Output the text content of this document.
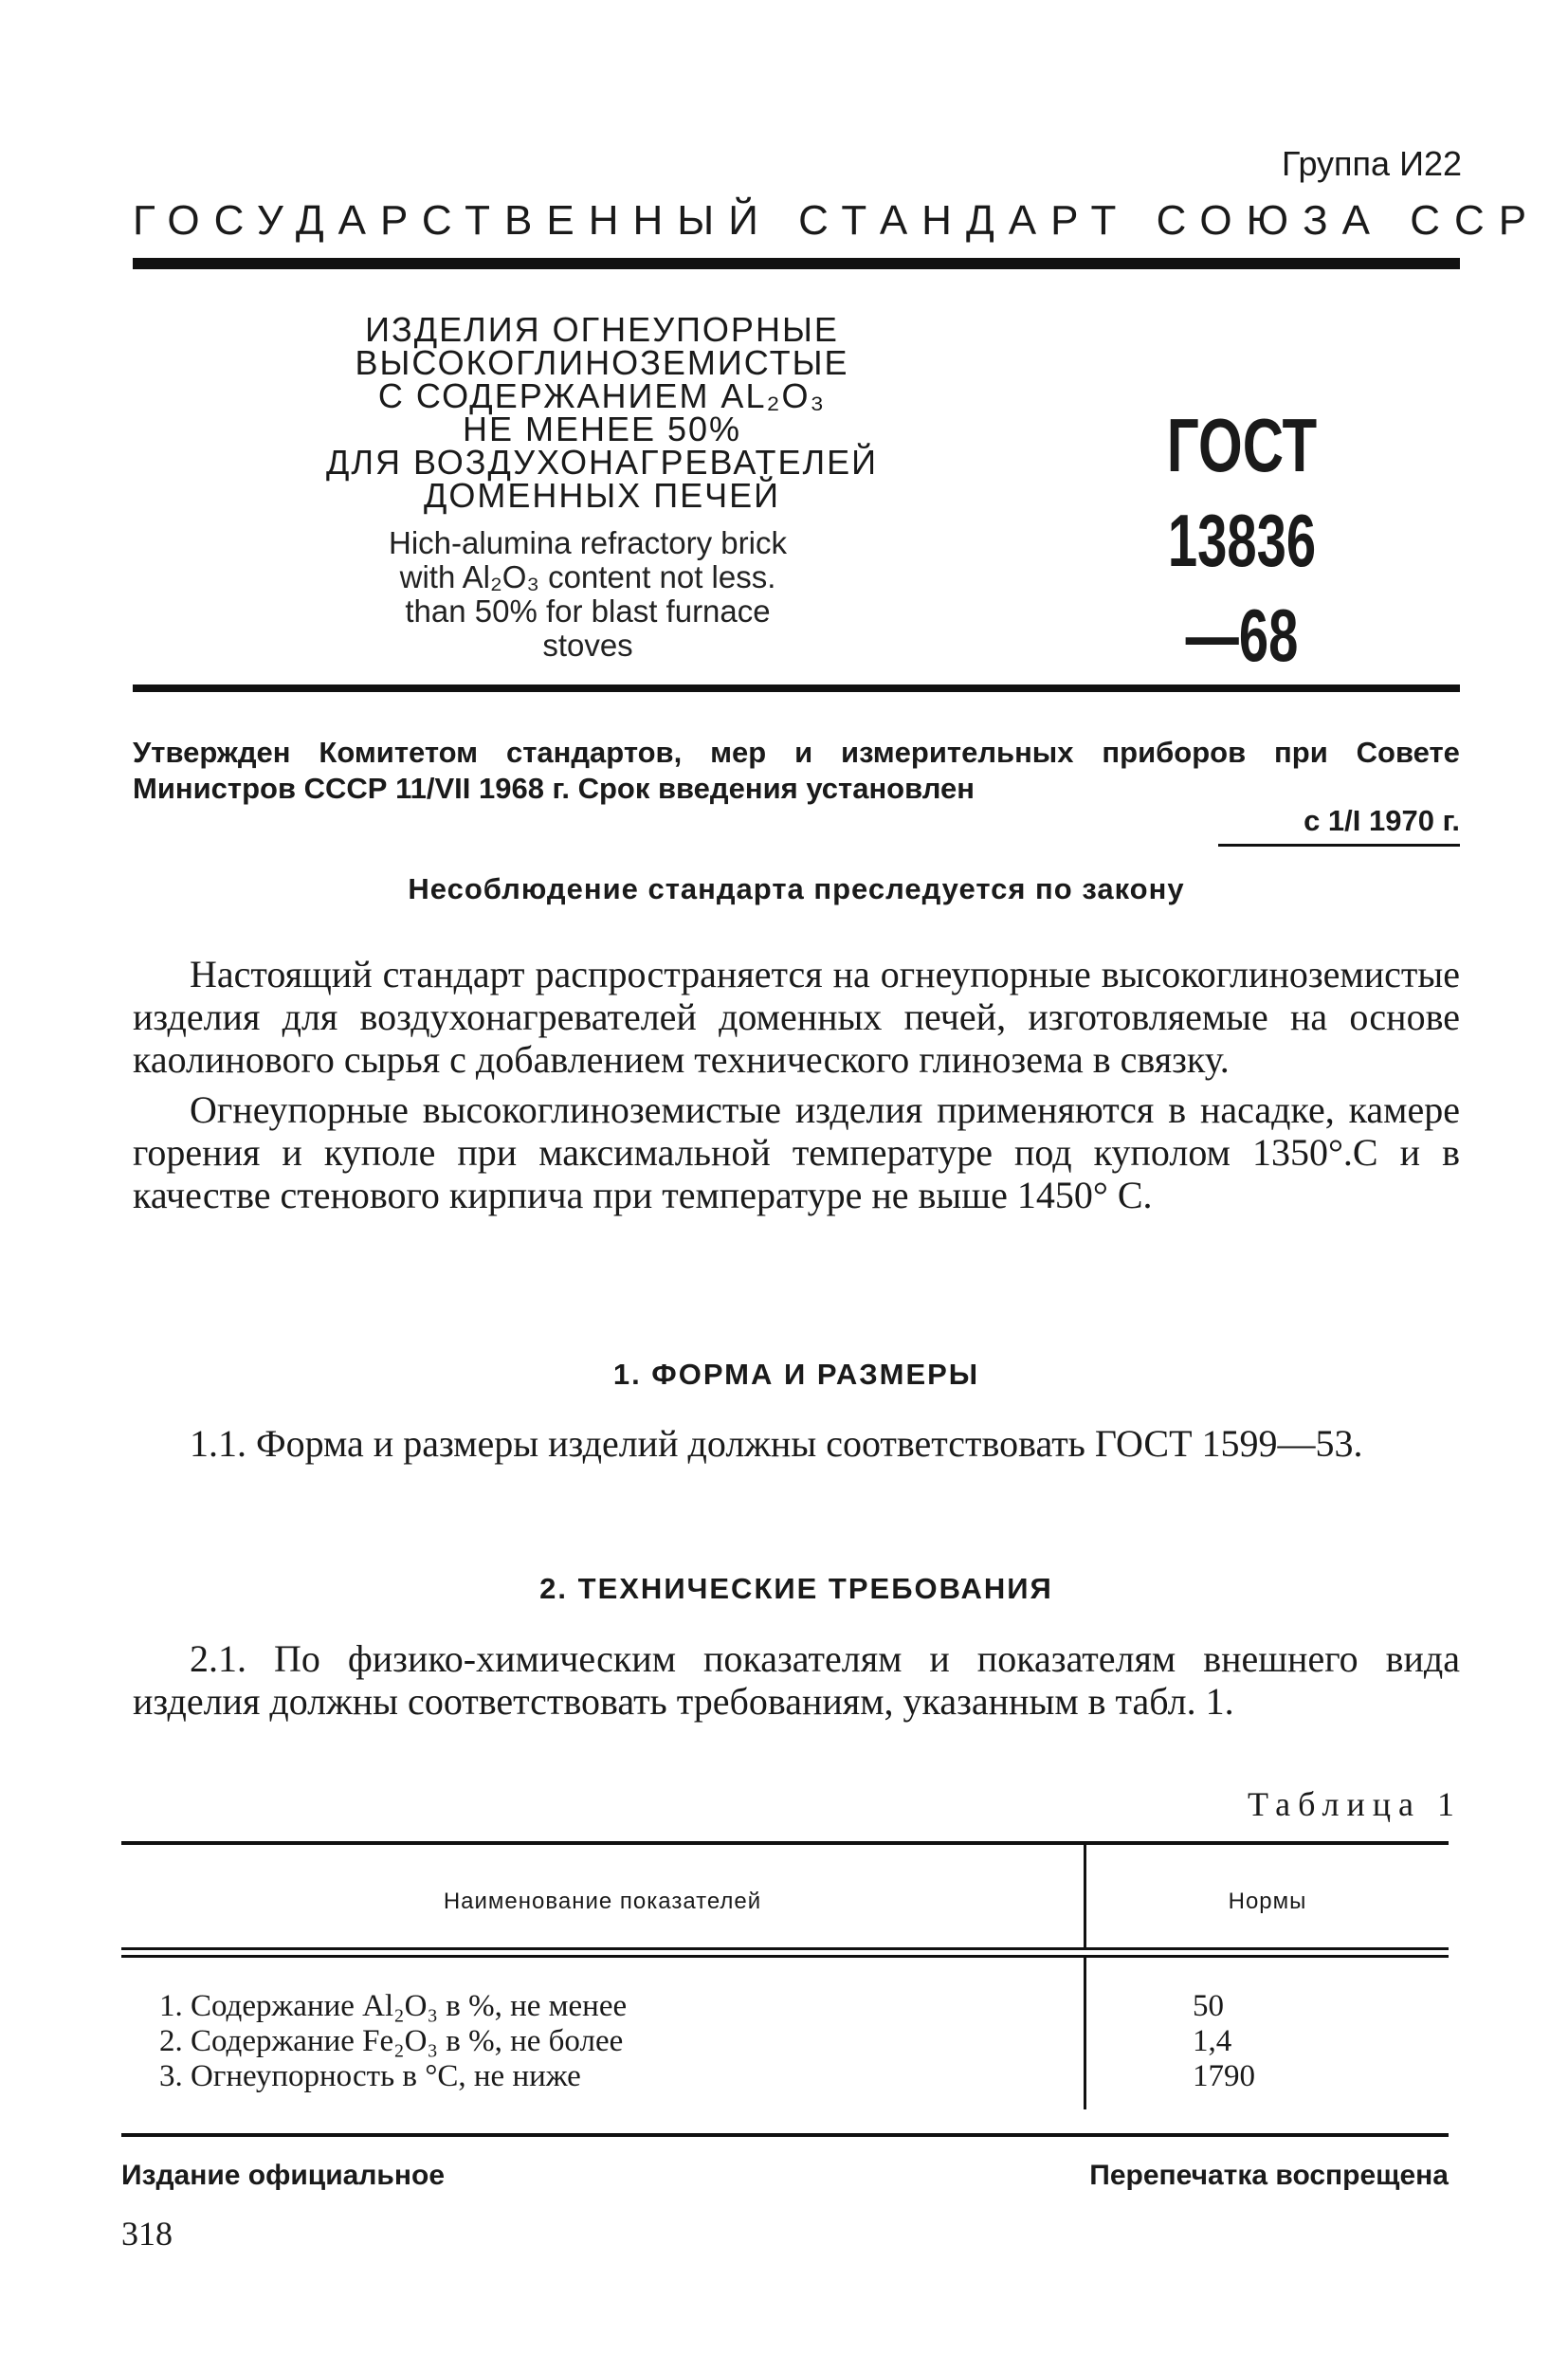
Группа И22
ГОСУДАРСТВЕННЫЙ СТАНДАРТ СОЮЗА ССР
ИЗДЕЛИЯ ОГНЕУПОРНЫЕ
ВЫСОКОГЛИНОЗЕМИСТЫЕ
С СОДЕРЖАНИЕМ AL₂O₃
НЕ МЕНЕЕ 50%
ДЛЯ ВОЗДУХОНАГРЕВАТЕЛЕЙ
ДОМЕННЫХ ПЕЧЕЙ
Hich-alumina refractory brick
with Al₂O₃ content not less.
than 50% for blast furnace
stoves
ГОСТ
13836—68
Утвержден Комитетом стандартов, мер и измерительных приборов при Совете
Министров СССР 11/VII 1968 г. Срок введения установлен
с 1/I 1970 г.
Несоблюдение стандарта преследуется по закону

Настоящий стандарт распространяется на огнеупорные высокоглиноземистые изделия для воздухонагревателей доменных печей, изготовляемые на основе каолинового сырья с добавлением технического глинозема в связку.

Огнеупорные высокоглиноземистые изделия применяются в насадке, камере горения и куполе при максимальной температуре под куполом 1350°.С и в качестве стенового кирпича при температуре не выше 1450° С.

1. ФОРМА И РАЗМЕРЫ

1.1. Форма и размеры изделий должны соответствовать ГОСТ 1599—53.

2. ТЕХНИЧЕСКИЕ ТРЕБОВАНИЯ

2.1. По физико-химическим показателям и показателям внешнего вида изделия должны соответствовать требованиям, указанным в табл. 1.

Таблица 1
Наименование показателей	Нормы
1. Содержание Al₂O₃ в %, не менее
2. Содержание Fe₂O₃ в %, не более
3. Огнеупорность в °С, не ниже
50
1,4
1790
Издание официальное	Перепечатка воспрещена
318
